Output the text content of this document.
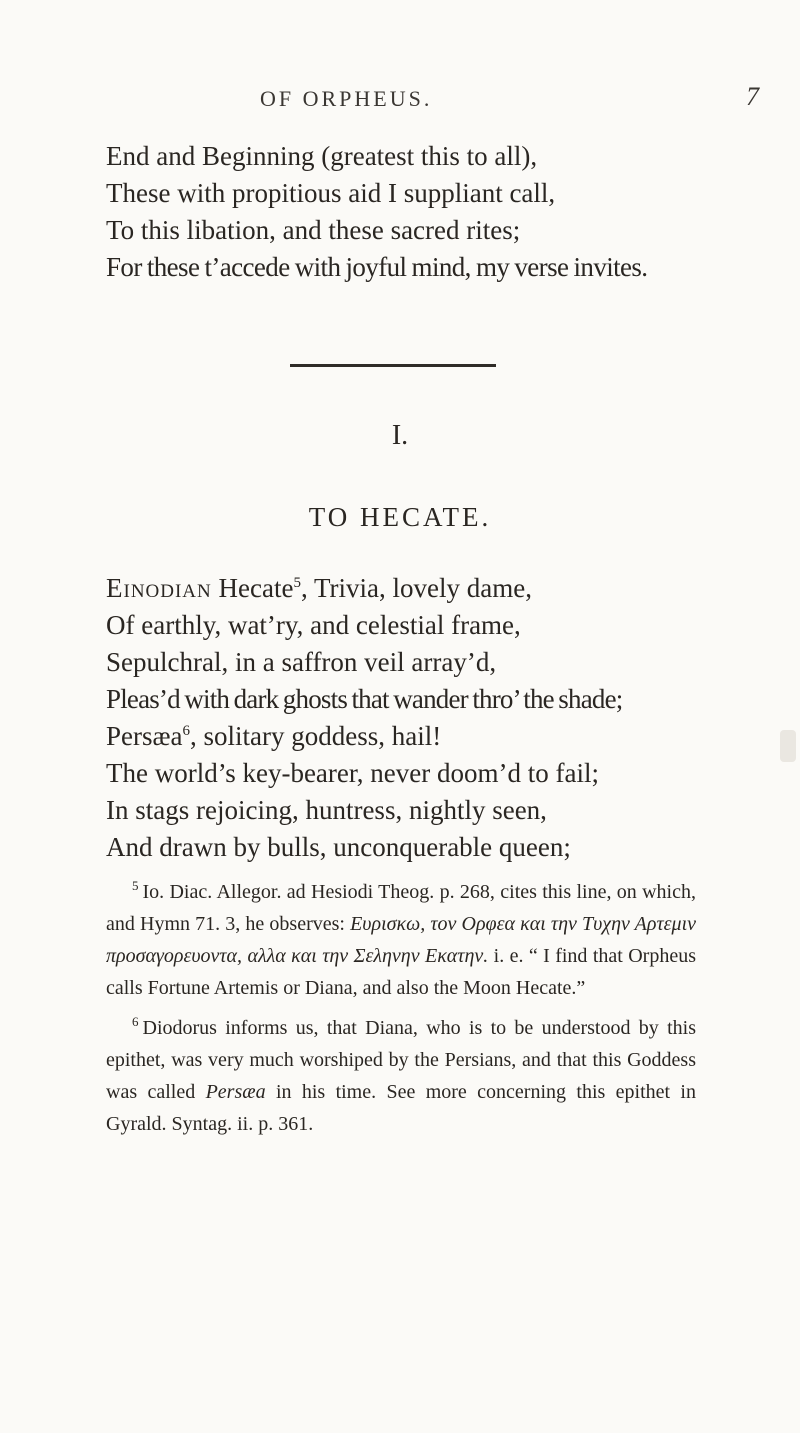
OF ORPHEUS.	7
End and Beginning (greatest this to all),
These with propitious aid I suppliant call,
To this libation, and these sacred rites;
For these t’accede with joyful mind, my verse invites.
I.
TO HECATE.
Einodian Hecate$^5$, Trivia, lovely dame,
Of earthly, wat’ry, and celestial frame,
Sepulchral, in a saffron veil array’d,
Pleas’d with dark ghosts that wander thro’ the shade;
Persæa$^6$, solitary goddess, hail!
The world’s key-bearer, never doom’d to fail;
In stags rejoicing, huntress, nightly seen,
And drawn by bulls, unconquerable queen;

$^5$ Io. Diac. Allegor. ad Hesiodi Theog. p. 268, cites this line, on which, and Hymn 71. 3, he observes: Ευρισκω, τον Ορφεα και την Τυχην Αρτεμιν προσαγορευοντα, αλλα και την Σεληνην Εκατην. i. e. “ I find that Orpheus calls Fortune Artemis or Diana, and also the Moon Hecate.”

$^6$ Diodorus informs us, that Diana, who is to be understood by this epithet, was very much worshiped by the Persians, and that this Goddess was called Persæa in his time. See more concerning this epithet in Gyrald. Syntag. ii. p. 361.
